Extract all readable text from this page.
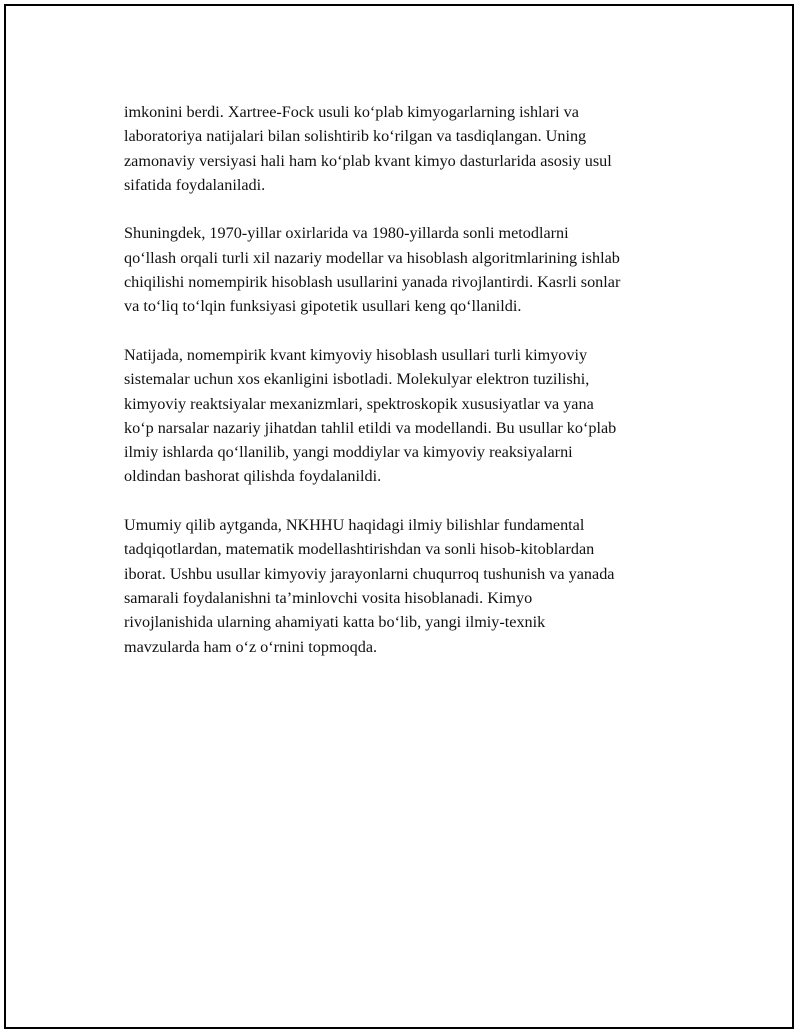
imkonini berdi. Xartree-Fock usuli koʻplab kimyogarlarning ishlari va
laboratoriya natijalari bilan solishtirib koʻrilgan va tasdiqlangan. Uning
zamonaviy versiyasi hali ham koʻplab kvant kimyo dasturlarida asosiy usul
sifatida foydalaniladi.

Shuningdek, 1970-yillar oxirlarida va 1980-yillarda sonli metodlarni
qoʻllash orqali turli xil nazariy modellar va hisoblash algoritmlarining ishlab
chiqilishi nomempirik hisoblash usullarini yanada rivojlantirdi. Kasrli sonlar
va toʻliq toʻlqin funksiyasi gipotetik usullari keng qoʻllanildi.

Natijada, nomempirik kvant kimyoviy hisoblash usullari turli kimyoviy
sistemalar uchun xos ekanligini isbotladi. Molekulyar elektron tuzilishi,
kimyoviy reaktsiyalar mexanizmlari, spektroskopik xususiyatlar va yana
koʻp narsalar nazariy jihatdan tahlil etildi va modellandi. Bu usullar koʻplab
ilmiy ishlarda qoʻllanilib, yangi moddiylar va kimyoviy reaksiyalarni
oldindan bashorat qilishda foydalanildi.

Umumiy qilib aytganda, NKHHU haqidagi ilmiy bilishlar fundamental
tadqiqotlardan, matematik modellashtirishdan va sonli hisob-kitoblardan
iborat. Ushbu usullar kimyoviy jarayonlarni chuqurroq tushunish va yanada
samarali foydalanishni ta’minlovchi vosita hisoblanadi. Kimyo
rivojlanishida ularning ahamiyati katta boʻlib, yangi ilmiy-texnik
mavzularda ham oʻz oʻrnini topmoqda.
